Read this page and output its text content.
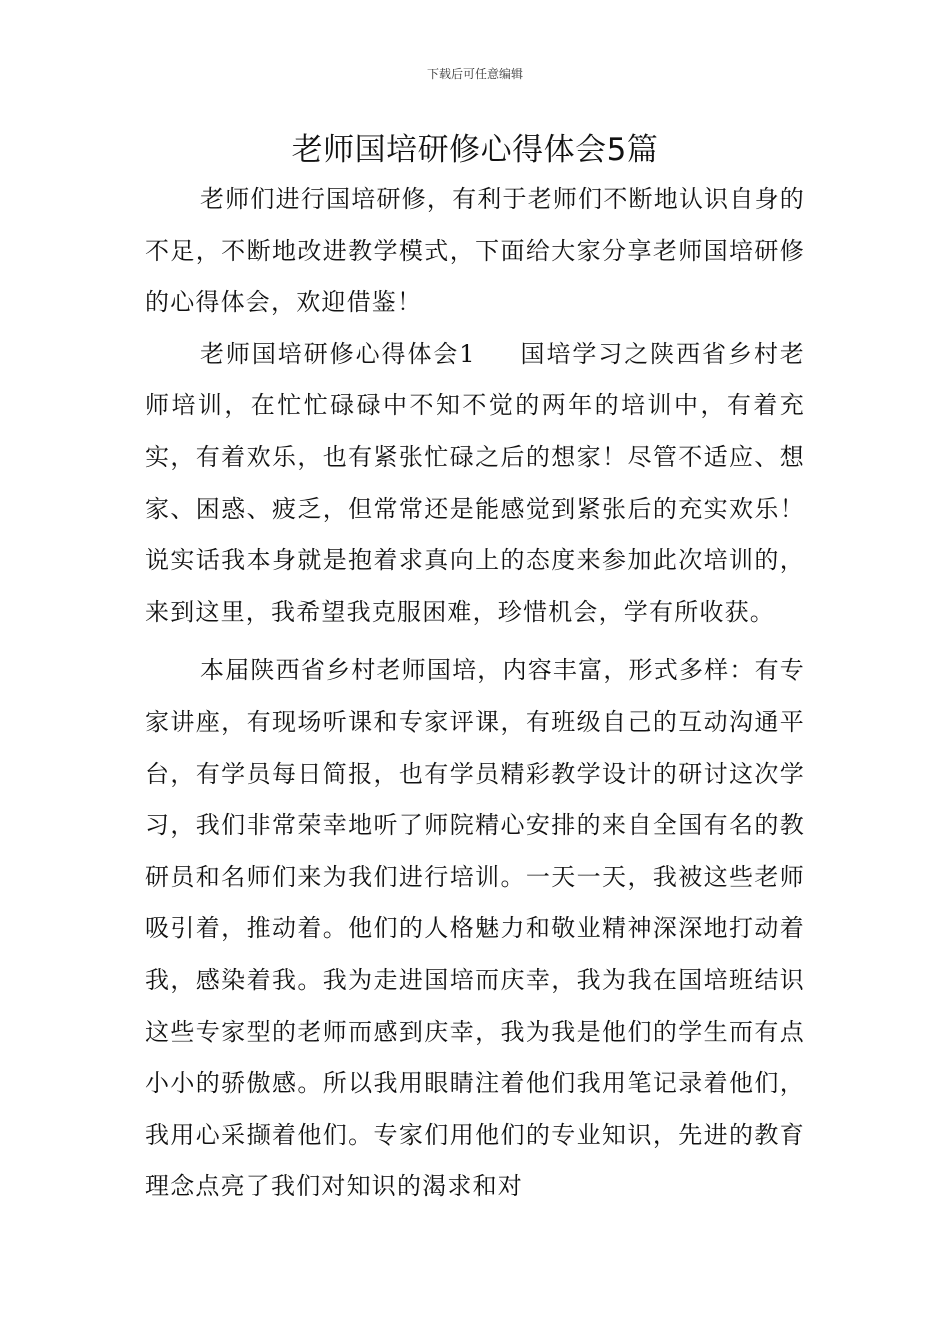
下载后可任意编辑
老师国培研修心得体会5篇

老师们进行国培研修，有利于老师们不断地认识自身的不足，不断地改进教学模式，下面给大家分享老师国培研修的心得体会，欢迎借鉴！

老师国培研修心得体会1 国培学习之陕西省乡村老师培训，在忙忙碌碌中不知不觉的两年的培训中，有着充实，有着欢乐，也有紧张忙碌之后的想家！尽管不适应、想家、困惑、疲乏，但常常还是能感觉到紧张后的充实欢乐！说实话我本身就是抱着求真向上的态度来参加此次培训的，来到这里，我希望我克服困难，珍惜机会，学有所收获。

本届陕西省乡村老师国培，内容丰富，形式多样：有专家讲座，有现场听课和专家评课，有班级自己的互动沟通平台，有学员每日简报，也有学员精彩教学设计的研讨这次学习，我们非常荣幸地听了师院精心安排的来自全国有名的教研员和名师们来为我们进行培训。一天一天，我被这些老师吸引着，推动着。他们的人格魅力和敬业精神深深地打动着我，感染着我。我为走进国培而庆幸，我为我在国培班结识这些专家型的老师而感到庆幸，我为我是他们的学生而有点小小的骄傲感。所以我用眼睛注着他们我用笔记录着他们，我用心采撷着他们。专家们用他们的专业知识，先进的教育理念点亮了我们对知识的渴求和对
